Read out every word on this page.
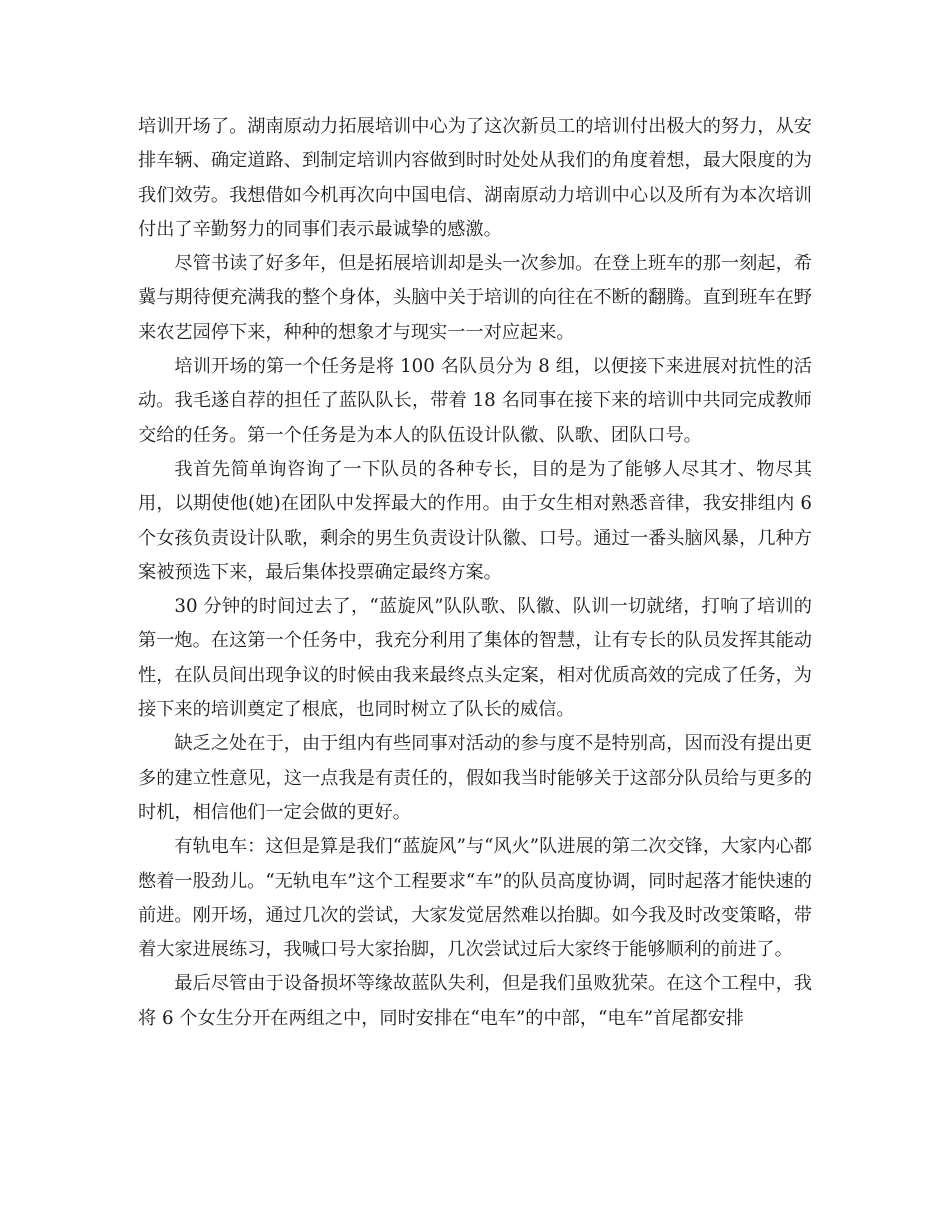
培训开场了。湖南原动力拓展培训中心为了这次新员工的培训付出极大的努力，从安排车辆、确定道路、到制定培训内容做到时时处处从我们的角度着想，最大限度的为我们效劳。我想借如今机再次向中国电信、湖南原动力培训中心以及所有为本次培训付出了辛勤努力的同事们表示最诚挚的感激。

尽管书读了好多年，但是拓展培训却是头一次参加。在登上班车的那一刻起，希冀与期待便充满我的整个身体，头脑中关于培训的向往在不断的翻腾。直到班车在野来农艺园停下来，种种的想象才与现实一一对应起来。

培训开场的第一个任务是将 100 名队员分为 8 组，以便接下来进展对抗性的活动。我毛遂自荐的担任了蓝队队长，带着 18 名同事在接下来的培训中共同完成教师交给的任务。第一个任务是为本人的队伍设计队徽、队歌、团队口号。

我首先简单询咨询了一下队员的各种专长，目的是为了能够人尽其才、物尽其用，以期使他(她)在团队中发挥最大的作用。由于女生相对熟悉音律，我安排组内 6 个女孩负责设计队歌，剩余的男生负责设计队徽、口号。通过一番头脑风暴，几种方案被预选下来，最后集体投票确定最终方案。

30 分钟的时间过去了，“蓝旋风”队队歌、队徽、队训一切就绪，打响了培训的第一炮。在这第一个任务中，我充分利用了集体的智慧，让有专长的队员发挥其能动性，在队员间出现争议的时候由我来最终点头定案，相对优质高效的完成了任务，为接下来的培训奠定了根底，也同时树立了队长的威信。

缺乏之处在于，由于组内有些同事对活动的参与度不是特别高，因而没有提出更多的建立性意见，这一点我是有责任的，假如我当时能够关于这部分队员给与更多的时机，相信他们一定会做的更好。

有轨电车：这但是算是我们“蓝旋风”与“风火”队进展的第二次交锋，大家内心都憋着一股劲儿。“无轨电车”这个工程要求“车”的队员高度协调，同时起落才能快速的前进。刚开场，通过几次的尝试，大家发觉居然难以抬脚。如今我及时改变策略，带着大家进展练习，我喊口号大家抬脚，几次尝试过后大家终于能够顺利的前进了。

最后尽管由于设备损坏等缘故蓝队失利，但是我们虽败犹荣。在这个工程中，我将 6 个女生分开在两组之中，同时安排在“电车”的中部，“电车”首尾都安排
